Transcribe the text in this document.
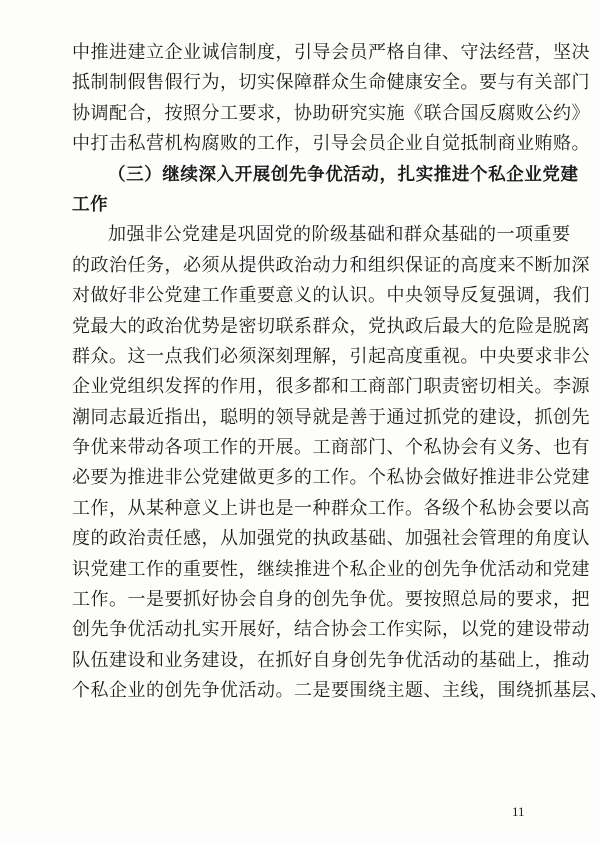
中推进建立企业诚信制度，引导会员严格自律、守法经营，坚决
抵制制假售假行为，切实保障群众生命健康安全。要与有关部门
协调配合，按照分工要求，协助研究实施《联合国反腐败公约》
中打击私营机构腐败的工作，引导会员企业自觉抵制商业贿赂。
（三）继续深入开展创先争优活动，扎实推进个私企业党建
工作
加强非公党建是巩固党的阶级基础和群众基础的一项重要
的政治任务，必须从提供政治动力和组织保证的高度来不断加深
对做好非公党建工作重要意义的认识。中央领导反复强调，我们
党最大的政治优势是密切联系群众，党执政后最大的危险是脱离
群众。这一点我们必须深刻理解，引起高度重视。中央要求非公
企业党组织发挥的作用，很多都和工商部门职责密切相关。李源
潮同志最近指出，聪明的领导就是善于通过抓党的建设，抓创先
争优来带动各项工作的开展。工商部门、个私协会有义务、也有
必要为推进非公党建做更多的工作。个私协会做好推进非公党建
工作，从某种意义上讲也是一种群众工作。各级个私协会要以高
度的政治责任感，从加强党的执政基础、加强社会管理的角度认
识党建工作的重要性，继续推进个私企业的创先争优活动和党建
工作。一是要抓好协会自身的创先争优。要按照总局的要求，把
创先争优活动扎实开展好，结合协会工作实际，以党的建设带动
队伍建设和业务建设，在抓好自身创先争优活动的基础上，推动
个私企业的创先争优活动。二是要围绕主题、主线，围绕抓基层、
11
